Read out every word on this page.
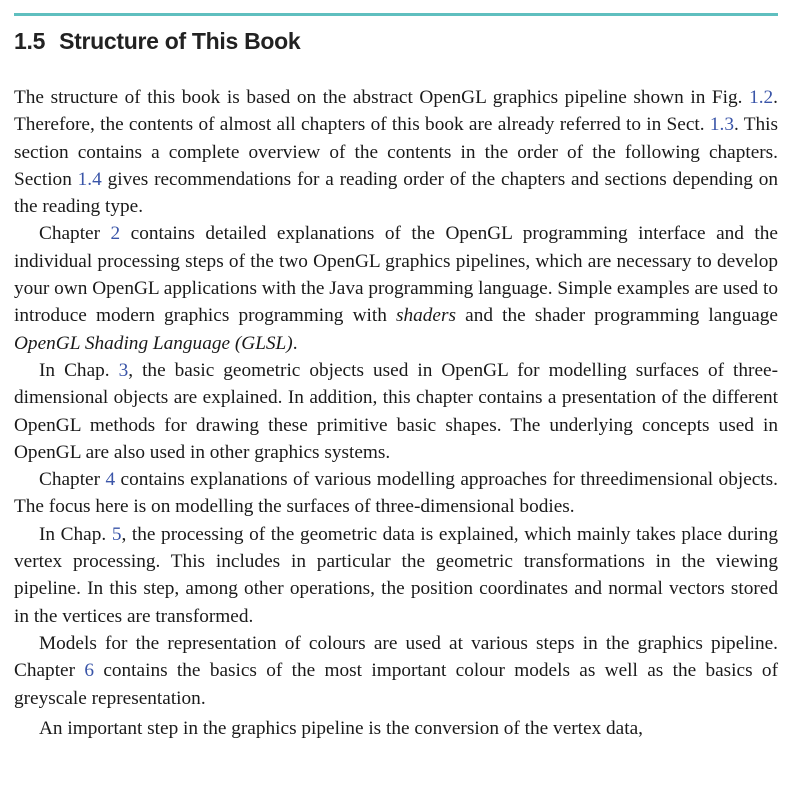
1.5 Structure of This Book

The structure of this book is based on the abstract OpenGL graphics pipeline shown in Fig. 1.2. Therefore, the contents of almost all chapters of this book are already referred to in Sect. 1.3. This section contains a complete overview of the contents in the order of the following chapters. Section 1.4 gives recommendations for a reading order of the chapters and sections depending on the reading type.

Chapter 2 contains detailed explanations of the OpenGL programming interface and the individual processing steps of the two OpenGL graphics pipelines, which are necessary to develop your own OpenGL applications with the Java programming language. Simple examples are used to introduce modern graphics programming with shaders and the shader programming language OpenGL Shading Language (GLSL).

In Chap. 3, the basic geometric objects used in OpenGL for modelling surfaces of three-dimensional objects are explained. In addition, this chapter contains a presentation of the different OpenGL methods for drawing these primitive basic shapes. The underlying concepts used in OpenGL are also used in other graphics systems.

Chapter 4 contains explanations of various modelling approaches for threedimensional objects. The focus here is on modelling the surfaces of three-dimensional bodies.

In Chap. 5, the processing of the geometric data is explained, which mainly takes place during vertex processing. This includes in particular the geometric transformations in the viewing pipeline. In this step, among other operations, the position coordinates and normal vectors stored in the vertices are transformed.

Models for the representation of colours are used at various steps in the graphics pipeline. Chapter 6 contains the basics of the most important colour models as well as the basics of greyscale representation.

An important step in the graphics pipeline is the conversion of the vertex data,
